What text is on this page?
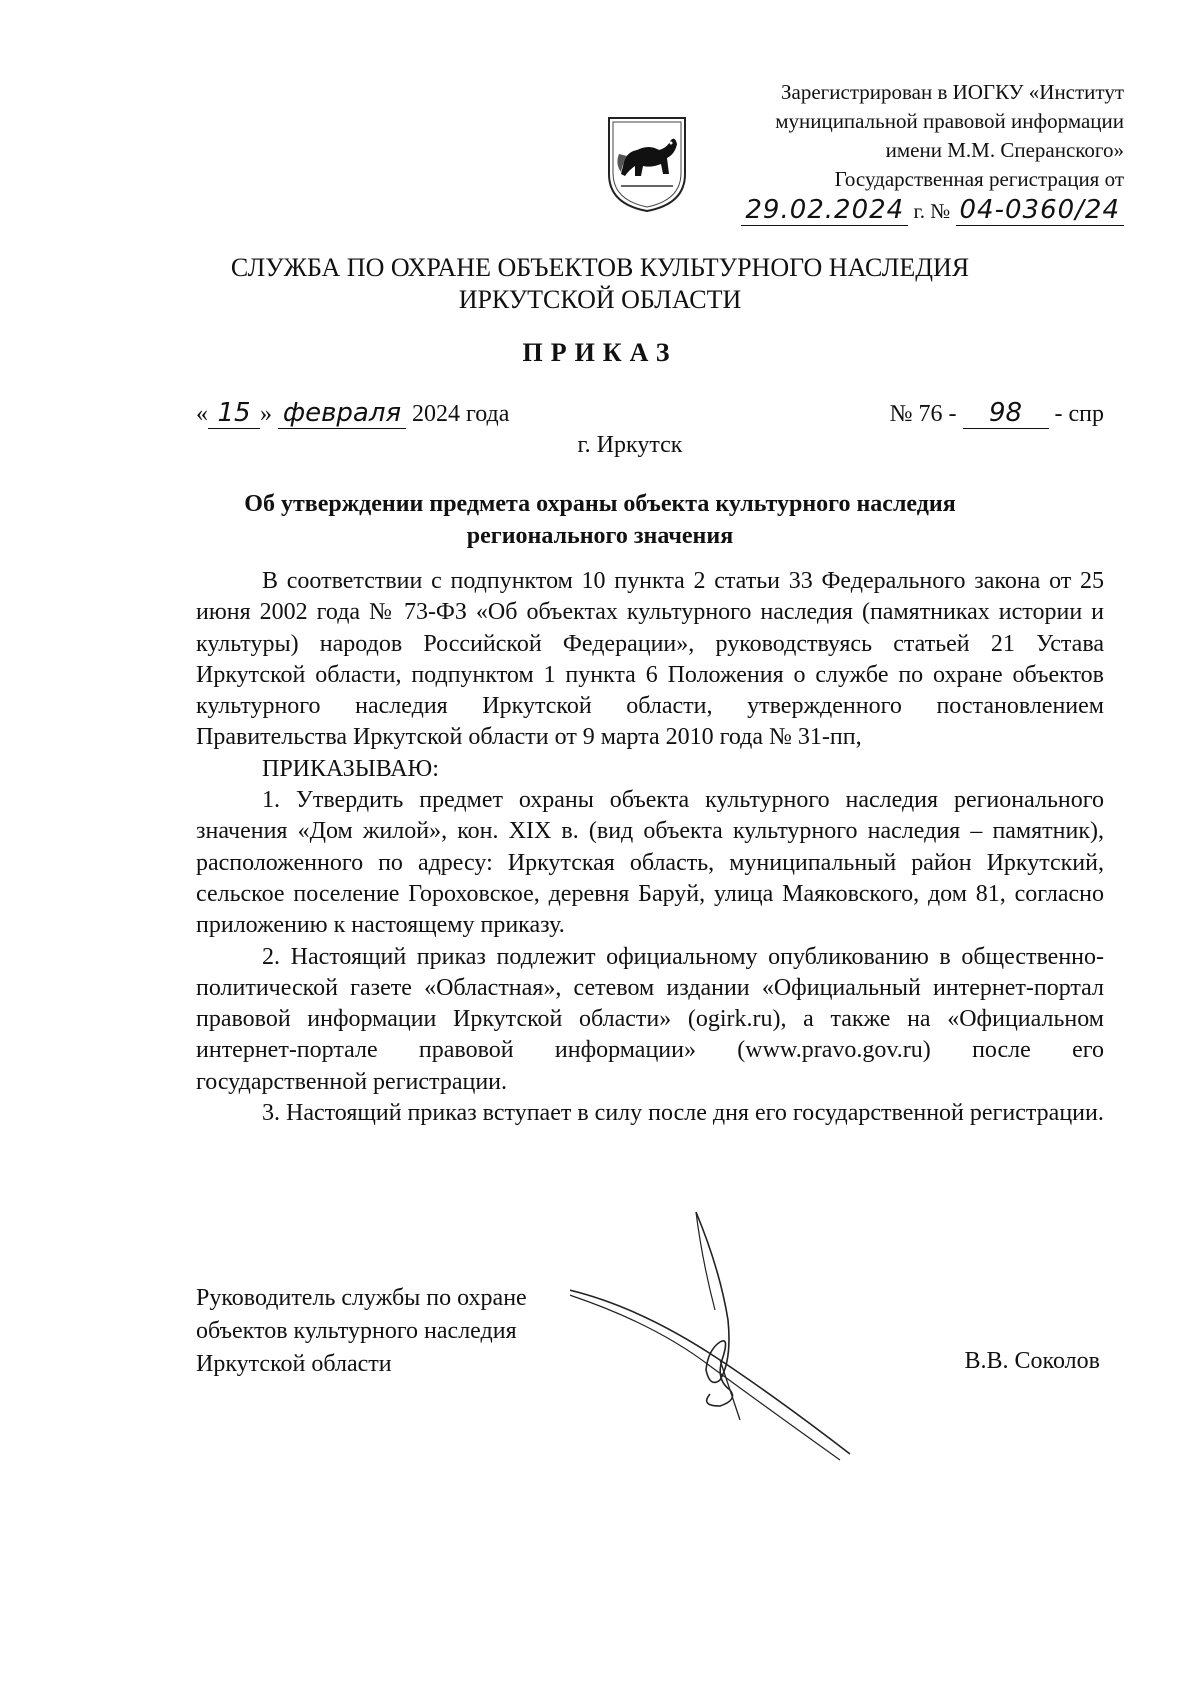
Зарегистрирован в ИОГКУ «Институт
муниципальной правовой информации
имени М.М. Сперанского»
Государственная регистрация от
29.02.2024 г. № 04-0360/24
СЛУЖБА ПО ОХРАНЕ ОБЪЕКТОВ КУЛЬТУРНОГО НАСЛЕДИЯ
ИРКУТСКОЙ ОБЛАСТИ
ПРИКАЗ
« 15 » февраля 2024 года	№ 76 - 98 - спр
г. Иркутск
Об утверждении предмета охраны объекта культурного наследия
регионального значения

В соответствии с подпунктом 10 пункта 2 статьи 33 Федерального закона от 25 июня 2002 года № 73-ФЗ «Об объектах культурного наследия (памятниках истории и культуры) народов Российской Федерации», руководствуясь статьей 21 Устава Иркутской области, подпунктом 1 пункта 6 Положения о службе по охране объектов культурного наследия Иркутской области, утвержденного постановлением Правительства Иркутской области от 9 марта 2010 года № 31-пп,

ПРИКАЗЫВАЮ:

1. Утвердить предмет охраны объекта культурного наследия регионального значения «Дом жилой», кон. XIX в. (вид объекта культурного наследия – памятник), расположенного по адресу: Иркутская область, муниципальный район Иркутский, сельское поселение Гороховское, деревня Баруй, улица Маяковского, дом 81, согласно приложению к настоящему приказу.

2. Настоящий приказ подлежит официальному опубликованию в общественно-политической газете «Областная», сетевом издании «Официальный интернет-портал правовой информации Иркутской области» (ogirk.ru), а также на «Официальном интернет-портале правовой информации» (www.pravo.gov.ru) после его государственной регистрации.

3. Настоящий приказ вступает в силу после дня его государственной регистрации.

Руководитель службы по охране
объектов культурного наследия
Иркутской области	В.В. Соколов
